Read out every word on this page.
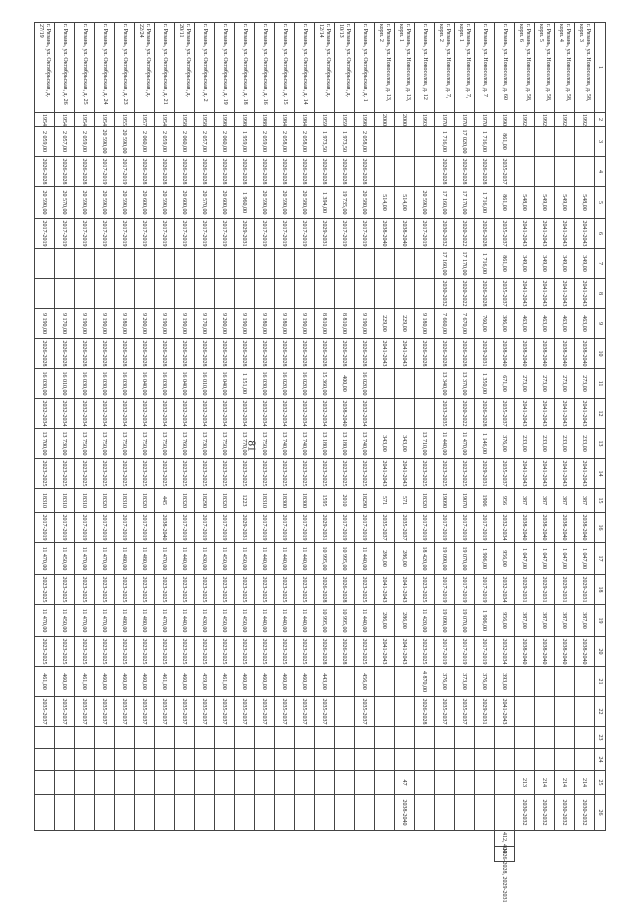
81
1	2	3	4	5	6	7	8	9	10	11	12	13	14	15	16	17	18	19	20	21	22	23	24	25	26		
г. Рязань, ул. Новоселов, д. 58, корп. 3	1992			548,00	2041-2043	349,00	2041-2043	463,00	2038-2040	273,00	2041-2043	233,00	2041-2043	387	2038-2040	1 047,00	2029-2031	387,00	2038-2040					214	2030-2032		
г. Рязань, ул. Новоселов, д. 58, корп. 4	1992			549,00	2041-2043	349,00	2041-2043	463,00	2038-2040	273,00	2041-2043	233,00	2041-2043	387	2038-2040	1 047,00	2029-2031	387,00	2038-2040					214	2030-2032		
г. Рязань, ул. Новоселов, д. 58, корп. 5	1992			549,00	2041-2043	349,00	2041-2043	463,00	2038-2040	273,00	2041-2043	233,00	2041-2043	387	2038-2040	1 047,00	2029-2031	387,00	2038-2040					214	2030-2032		
г. Рязань, ул. Новоселов, д. 58, корп. 6	1992			548,00	2041-2043	349,00	2041-2043	463,00	2038-2040	273,00	2041-2043	233,00	2041-2043	387	2038-2040	1 047,00	2029-2031	387,00	2038-2040					213	2030-2032		
г. Рязань, ул. Новоселов, д. 60	1990	861,00	2035-2037	861,00	2035-2037	861,00	2035-2037	386,00	2038-2040	671,00	2035-2037	376,00	2035-2037	956	2032-2034	956,00	2032-2034	956,00	2032-2034	393,00	2041-2043					412, 404	2026-2028, 2029-2031
г. Рязань, ул. Новоселов, д. 7	1970	1 716,00	2026-2028	1 716,00	2026-2028	1 716,00	2026-2028	760,00	2029-2031	1 350,00	2026-2028	1 146,00	2029-2031	1906	2017-2019	1 906,00	2017-2019	1 906,00	2017-2019	376,00	2029-2031						
г. Рязань, ул. Новоселов, д. 7, корп. 1	1970	17 020,00	2026-2028	17 170,00	2020-2022	17 170,00	2020-2022	7 670,00	2026-2028	13 370,00	2020-2022	11 470,00	2023-2025	19070	2017-2019	19 070,00	2017-2019	19 070,00	2017-2019	373,00	2035-2037						
г. Рязань, ул. Новоселов, д. 7, корп. 2	1970	1 716,00	2026-2028	17 160,00	2030-2032	17 160,00	2030-2032	7 660,00	2026-2028	13 340,00	2033-2035	11 440,00	2023-2025	19090	2017-2019	19 090,00	2017-2019	19 090,00	2017-2019	376,00	2035-2037						
г. Рязань, ул. Новоселов, д. 12	1993			20 590,00	2017-2019			9 180,00	2026-2028			13 710,00	2023-2025	18320	2017-2019	18 420,00	2023-2025	11 420,00	2023-2025	4 870,00	2026-2028						
г. Рязань, ул. Новоселов, д. 13, корп. 1	2000			514,00	2038-2040			229,00	2041-2043			343,00	2041-2043	571	2035-2037	286,00	2041-2043	286,00	2041-2043					47	2038-2040		
г. Рязань, ул. Новоселов, д. 13, корп. 2	2000			514,00	2038-2040			229,00	2041-2043			343,00	2041-2043	571	2035-2037	286,00	2041-2043	286,00	2041-2043								
г. Рязань, ул. Октябрьская, д. 1	1998	2 058,00	2026-2028	20 580,00	2017-2019			9 190,00	2026-2028	16 020,00	2032-2034	13 740,00	2023-2025	18290	2017-2019	11 440,00	2023-2025	11 440,00	2023-2025	456,00	2035-2037						
г. Рязань, ул. Октябрьская, д. 10/13	1959	1 973,50	2026-2028	19 735,00	2017-2019			8 810,00	2026-2028	400,00	2038-2040	13 180,00	2023-2025	2010	2017-2019	10 995,00	2026-2028	10 995,00	2026-2028								
г. Рязань, ул. Октябрьская, д. 12/14	1959	1 973,50	2026-2028	1 394,00	2029-2031			8 810,00	2026-2028	15 360,00	2032-2034	13 180,00	2023-2025	1595	2029-2031	10 995,00	2026-2028	10 995,00	2026-2028	443,00	2035-2037						
г. Рязань, ул. Октябрьская, д. 14	1984	2 058,00	2026-2028	20 580,00	2017-2019			9 190,00	2026-2028	16 020,00	2032-2034	13 740,00	2023-2025	18300	2017-2019	11 440,00	2023-2025	11 440,00	2023-2025	460,00	2035-2037						
г. Рязань, ул. Октябрьская, д. 15	1984	2 058,00	2026-2028	20 590,00	2017-2019			9 180,00	2026-2028	16 020,00	2032-2034	13 740,00	2023-2025	18300	2017-2019	11 440,00	2023-2025	11 440,00	2023-2025	460,00	2035-2037						
г. Рязань, ул. Октябрьская, д. 16	1988	2 059,00	2026-2028	20 590,00	2017-2019			9 180,00	2026-2028	16 030,00	2032-2034	13 750,00	2023-2025	18310	2017-2019	11 440,00	2023-2025	11 440,00	2023-2025	460,00	2035-2037						
г. Рязань, ул. Октябрьская, д. 18	1998	1 959,00	2026-2028	1 960,00	2029-2031			9 190,00	2026-2028	1 151,00	2032-2034	13 770,00	2023-2025	1223	2029-2031	11 450,00	2023-2025	11 450,00	2023-2025	460,00	2035-2037						
г. Рязань, ул. Октябрьская, д. 19	1998	2 060,00	2026-2028	20 600,00	2017-2019			9 200,00	2026-2028	16 040,00	2032-2034	13 750,00	2023-2025	18320	2017-2019	11 450,00	2023-2025	11 450,00	2023-2025	461,00	2035-2037						
г. Рязань, ул. Октябрьская, д. 2	1958	2 057,00	2026-2028	20 570,00	2017-2019			9 170,00	2026-2028	16 010,00	2032-2034	13 730,00	2023-2025	18290	2017-2019	11 430,00	2023-2025	11 430,00	2023-2025	459,00	2035-2037						
г. Рязань, ул. Октябрьская, д. 20/11	1958	2 060,00	2026-2028	20 600,00	2017-2019			9 190,00	2026-2028	16 040,00	2032-2034	13 760,00	2023-2025	18320	2017-2019	11 440,00	2023-2025	11 440,00	2023-2025	460,00	2035-2037						
г. Рязань, ул. Октябрьская, д. 21	1954	2 059,00	2026-2028	20 590,00	2017-2019			9 190,00	2026-2028	16 030,00	2032-2034	13 750,00	2023-2025	445	2038-2040	11 470,00	2023-2025	11 470,00	2023-2025	461,00	2035-2037						
г. Рязань, ул. Октябрьская, д. 22/24	1957	2 060,00	2026-2028	20 600,00	2017-2019			9 200,00	2026-2028	16 040,00	2032-2034	13 750,00	2023-2025	18320	2017-2019	11 480,00	2023-2025	11 480,00	2023-2025	460,00	2035-2037						
г. Рязань, ул. Октябрьская, д. 23	1955	20 590,00	2017-2019	20 590,00	2017-2019			9 180,00	2026-2028	16 030,00	2032-2034	13 750,00	2023-2025	18310	2017-2019	11 480,00	2023-2025	11 480,00	2023-2025	460,00	2035-2037						
г. Рязань, ул. Октябрьская, д. 24	1954	20 590,00	2017-2019	20 590,00	2017-2019			9 190,00	2026-2028	16 030,00	2032-2034	13 750,00	2023-2025	18320	2017-2019	11 470,00	2023-2025	11 470,00	2023-2025	460,00	2035-2037						
г. Рязань, ул. Октябрьская, д. 25	1954	2 059,00	2026-2028	20 590,00	2017-2019			9 190,00	2026-2028	16 030,00	2032-2034	13 750,00	2023-2025	18310	2017-2019	11 470,00	2023-2025	11 470,00	2023-2025	461,00	2035-2037						
г. Рязань, ул. Октябрьская, д. 26	1954	2 057,00	2026-2028	20 570,00	2017-2019			9 170,00	2026-2028	16 010,00	2032-2034	13 730,00	2023-2025	18310	2017-2019	11 450,00	2023-2025	11 450,00	2023-2025	460,00	2035-2037						
г. Рязань, ул. Октябрьская, д. 27/19	1954	2 059,00	2026-2028	20 590,00	2017-2019			9 190,00	2026-2028	16 030,00	2032-2034	13 700,00	2023-2025	18310	2017-2019	11 470,00	2023-2025	11 470,00	2023-2025	461,00	2035-2037						
